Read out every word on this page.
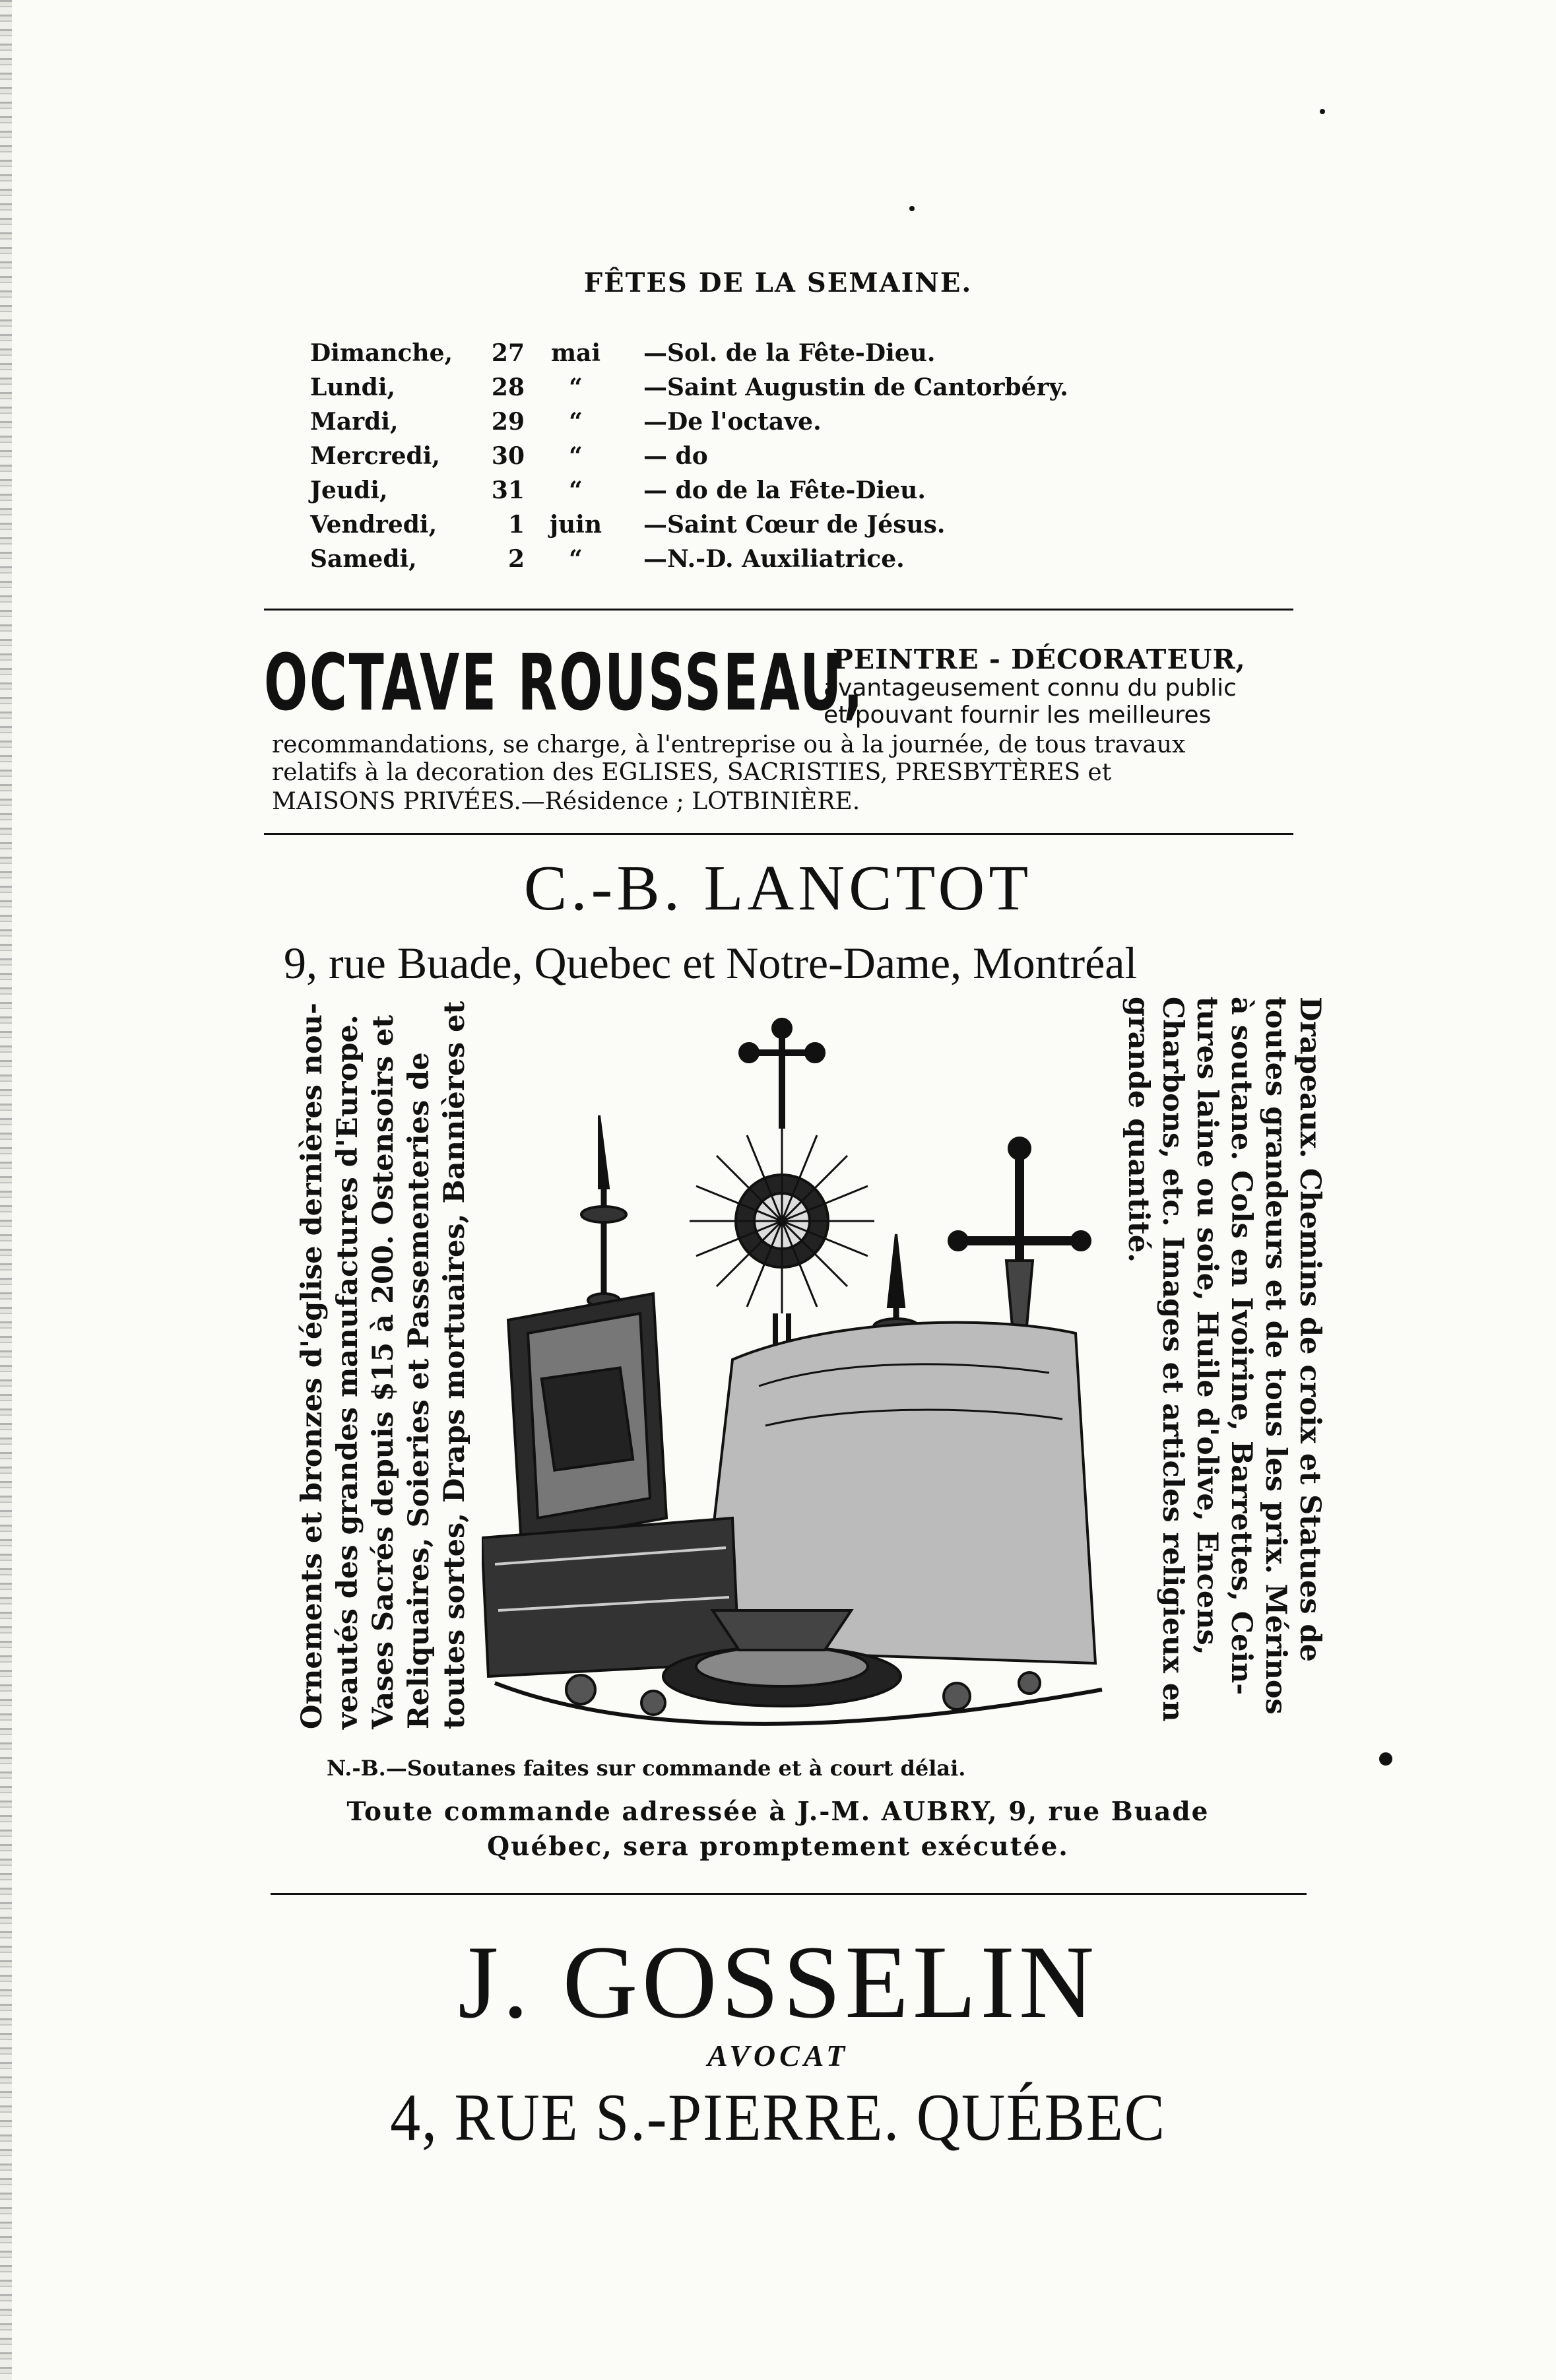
FÊTES DE LA SEMAINE.
Dimanche,	27	mai	—Sol. de la Fête-Dieu.
Lundi,	28	“	—Saint Augustin de Cantorbéry.
Mardi,	29	“	—De l'octave.
Mercredi,	30	“	— do
Jeudi,	31	“	— do de la Fête-Dieu.
Vendredi,	1	juin	—Saint Cœur de Jésus.
Samedi,	2	“	—N.-D. Auxiliatrice.
OCTAVE ROUSSEAU,
PEINTRE - DÉCORATEUR,
avantageusement connu du public
et pouvant fournir les meilleures
recommandations, se charge, à l'entreprise ou à la journée, de tous travaux
relatifs à la decoration des EGLISES, SACRISTIES, PRESBYTÈRES et
MAISONS PRIVÉES.—Résidence ; LOTBINIÈRE.
C.-B. LANCTOT
9, rue Buade, Quebec et Notre-Dame, Montréal
Ornements et bronzes d'église dernières nou- veautés des grandes manufactures d'Europe. Vases Sacrés depuis $15 à 200. Ostensoirs et Reliquaires, Soieries et Passementeries de toutes sortes, Draps mortuaires, Bannières et	Drapeaux. Chemins de croix et Statues de
toutes grandeurs et de tous les prix. Mérinos
à soutane. Cols en Ivoirine, Barrettes, Cein-
tures laine ou soie, Huile d'olive, Encens,
Charbons, etc. Images et articles religieux en
grande quantité.
N.-B.—Soutanes faites sur commande et à court délai.
Toute commande adressée à J.-M. AUBRY, 9, rue Buade
Québec, sera promptement exécutée.
J. GOSSELIN
AVOCAT
4, RUE S.-PIERRE. QUÉBEC
